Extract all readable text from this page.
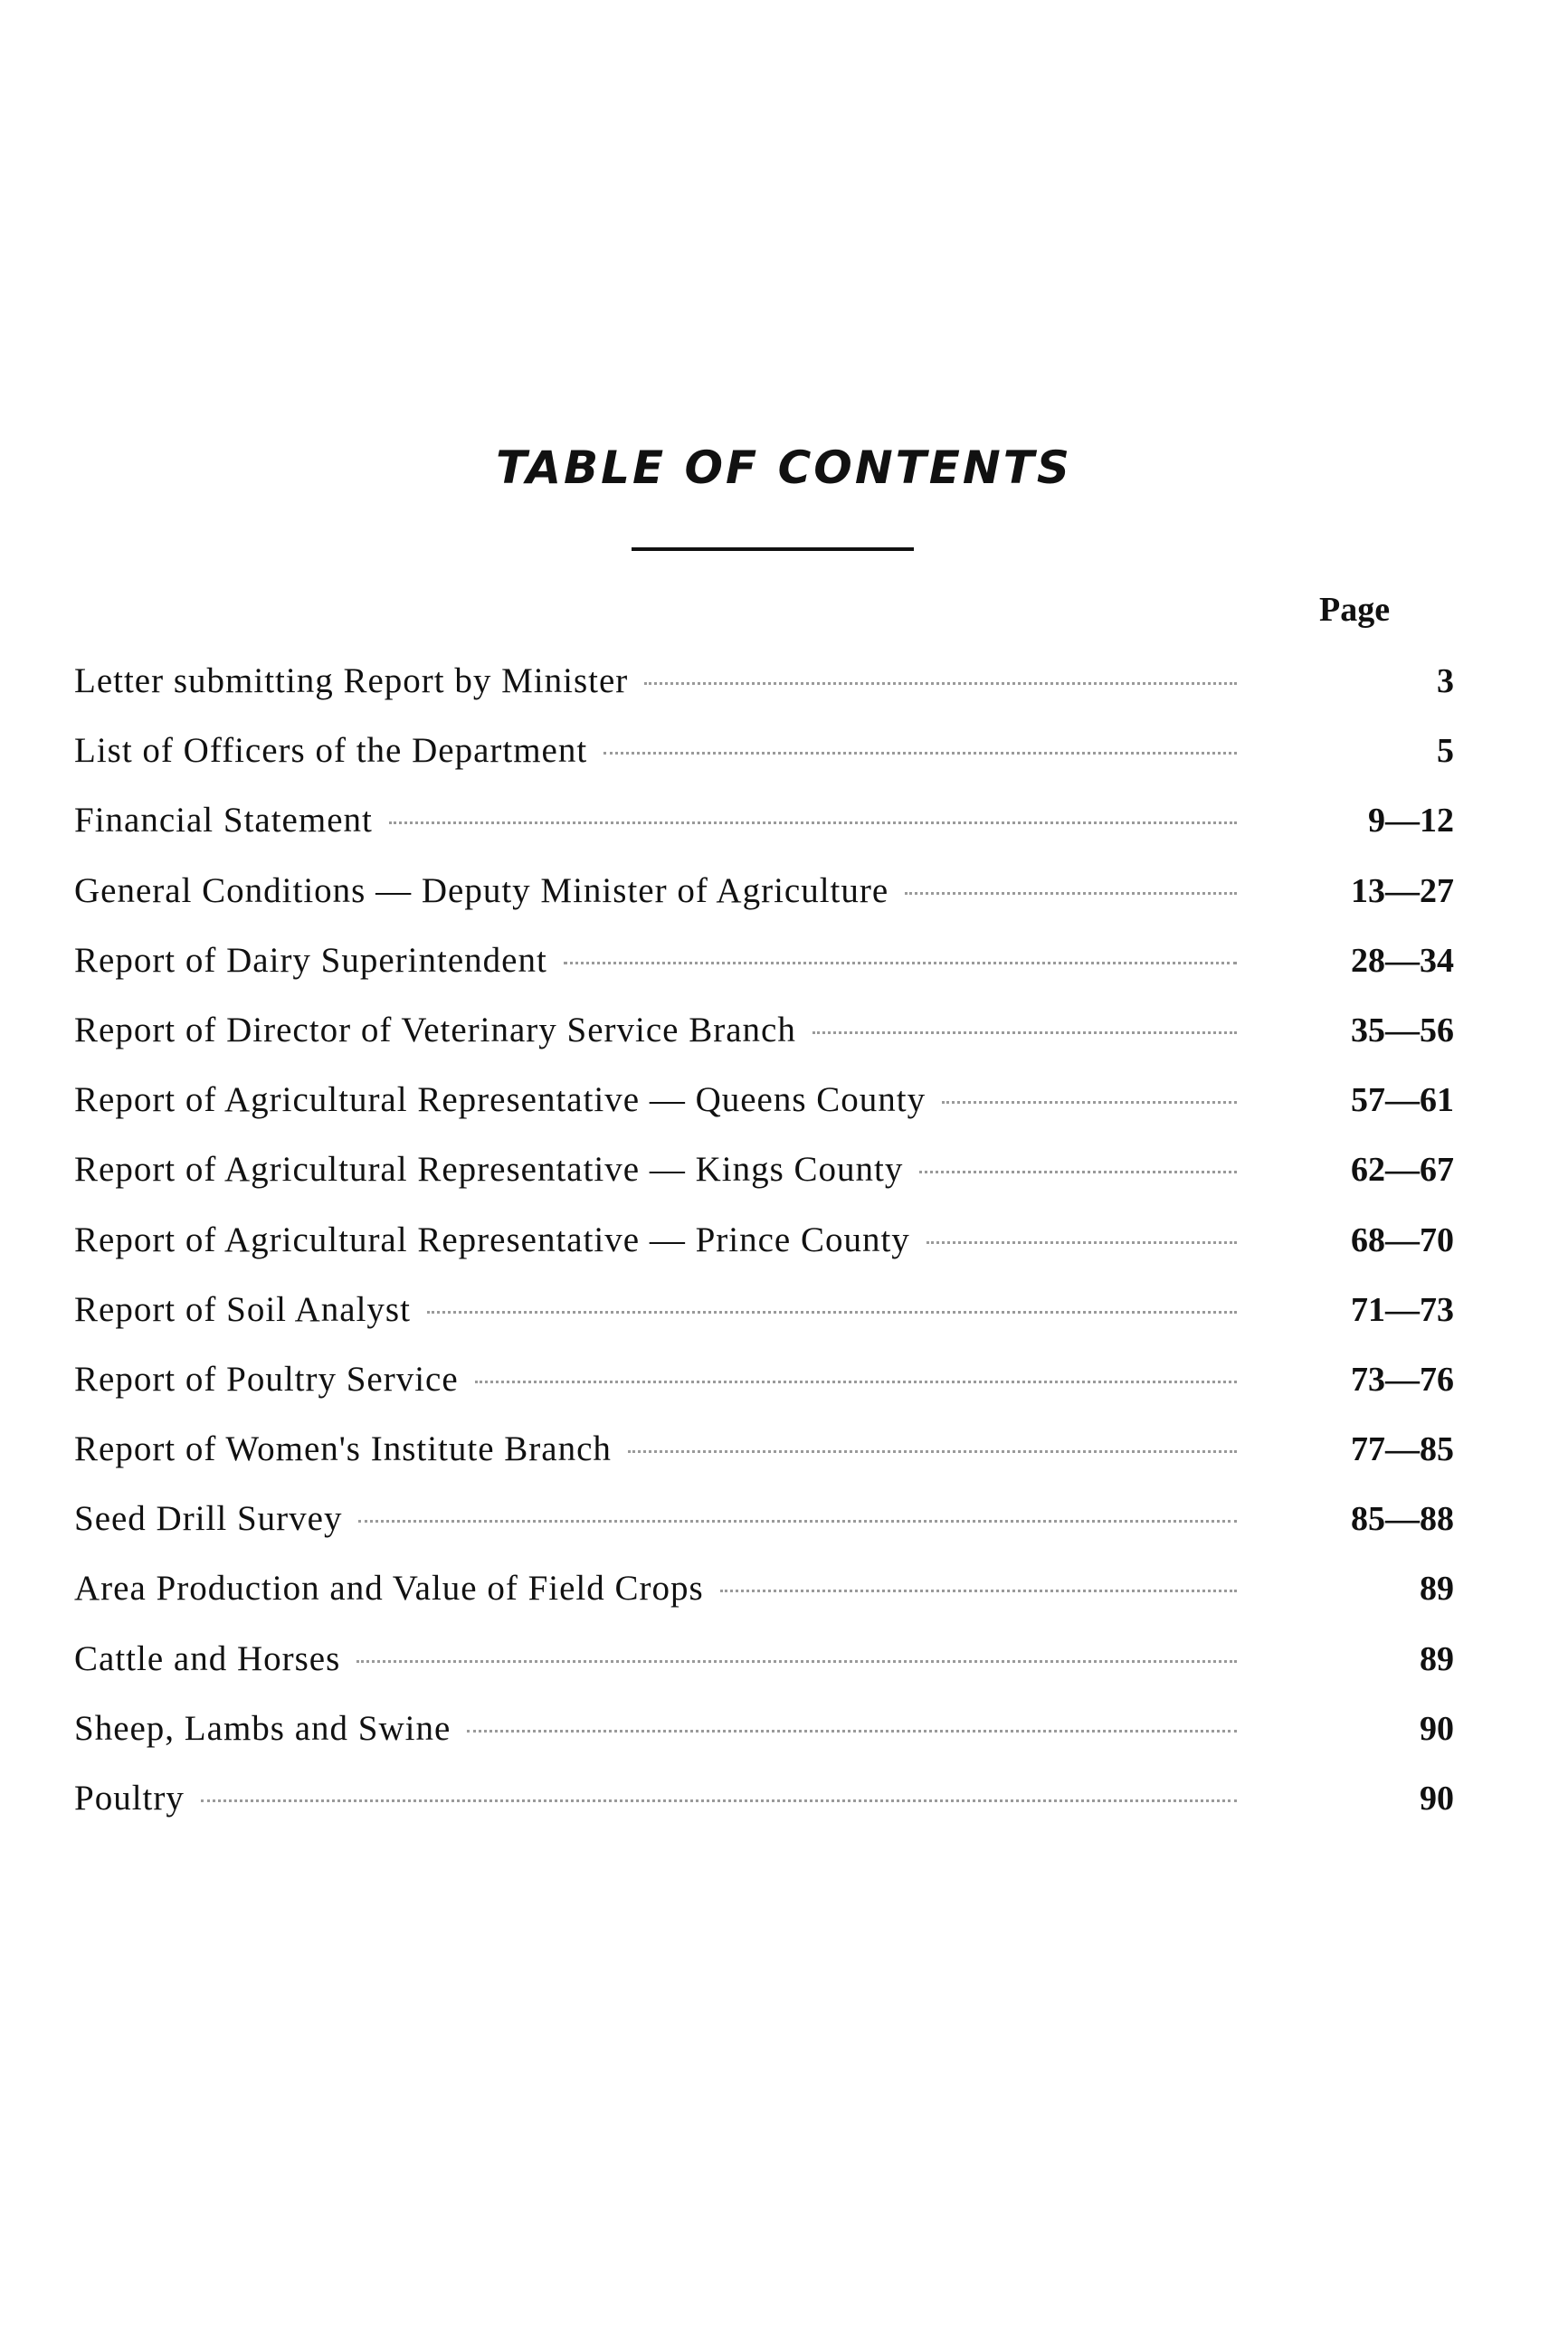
TABLE OF CONTENTS
Page
Letter submitting Report by Minister	3
List of Officers of the Department	5
Financial Statement	9—12
General Conditions — Deputy Minister of Agriculture	13—27
Report of Dairy Superintendent	28—34
Report of Director of Veterinary Service Branch	35—56
Report of Agricultural Representative — Queens County	57—61
Report of Agricultural Representative — Kings County	62—67
Report of Agricultural Representative — Prince County	68—70
Report of Soil Analyst	71—73
Report of Poultry Service	73—76
Report of Women's Institute Branch	77—85
Seed Drill Survey	85—88
Area Production and Value of Field Crops	89
Cattle and Horses	89
Sheep, Lambs and Swine	90
Poultry	90
